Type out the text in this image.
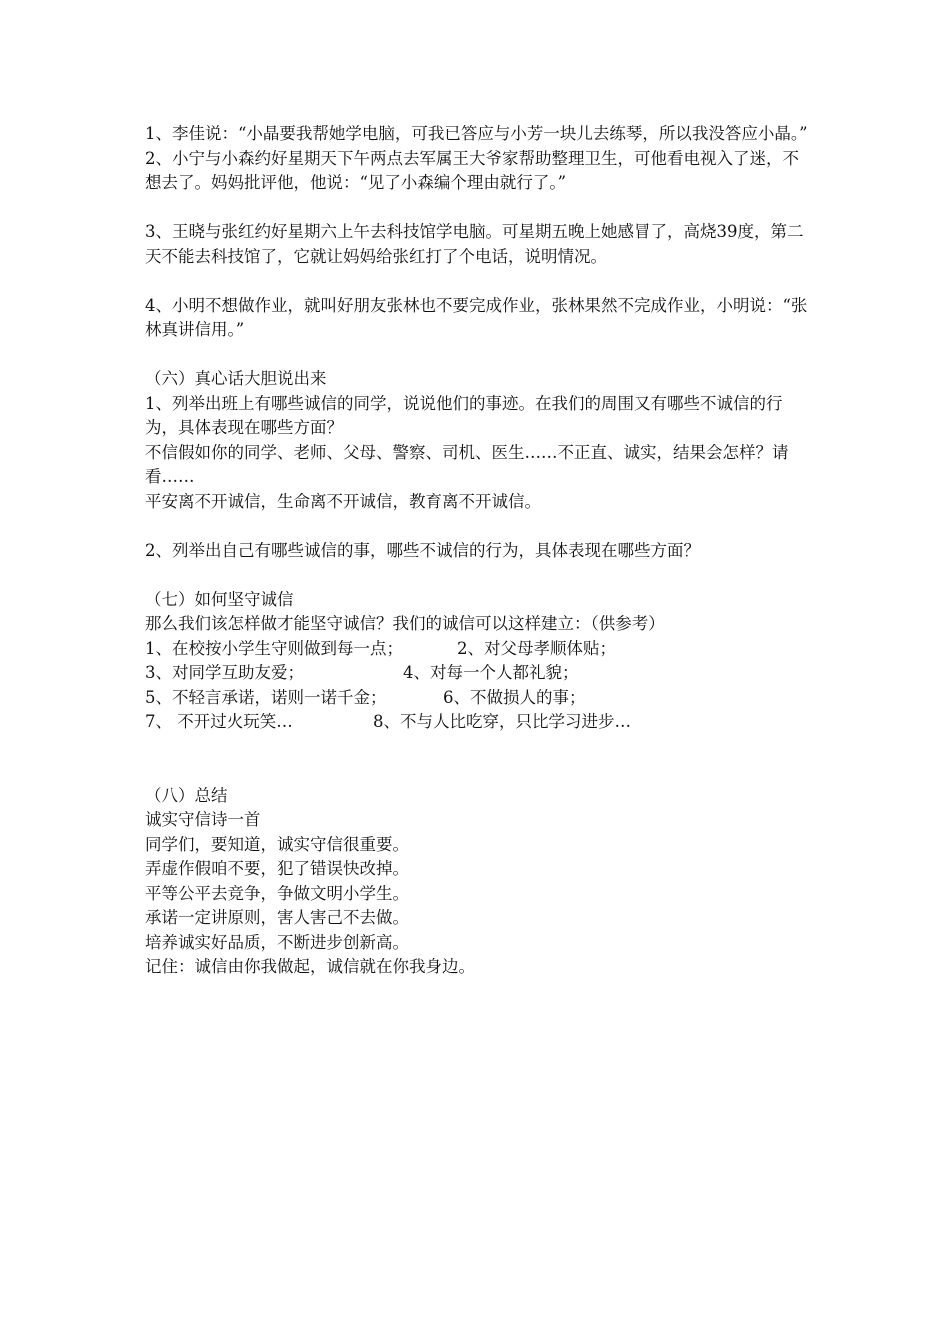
1、李佳说：“小晶要我帮她学电脑，可我已答应与小芳一块儿去练琴，所以我没答应小晶。”

2、小宁与小森约好星期天下午两点去军属王大爷家帮助整理卫生，可他看电视入了迷，不想去了。妈妈批评他，他说：“见了小森编个理由就行了。”

3、王晓与张红约好星期六上午去科技馆学电脑。可星期五晚上她感冒了，高烧39度，第二天不能去科技馆了，它就让妈妈给张红打了个电话，说明情况。

4、小明不想做作业，就叫好朋友张林也不要完成作业，张林果然不完成作业，小明说：“张林真讲信用。”

（六）真心话大胆说出来

1、列举出班上有哪些诚信的同学，说说他们的事迹。在我们的周围又有哪些不诚信的行为，具体表现在哪些方面？

不信假如你的同学、老师、父母、警察、司机、医生……不正直、诚实，结果会怎样？请看……

平安离不开诚信，生命离不开诚信，教育离不开诚信。

2、列举出自己有哪些诚信的事，哪些不诚信的行为，具体表现在哪些方面？

（七）如何坚守诚信

那么我们该怎样做才能坚守诚信？我们的诚信可以这样建立：（供参考）

1、在校按小学生守则做到每一点；	2、对父母孝顺体贴；
3、对同学互助友爱；	4、对每一个人都礼貌；
5、不轻言承诺，诺则一诺千金；	6、不做损人的事；
7、 不开过火玩笑…	8、不与人比吃穿，只比学习进步…

（八）总结

诚实守信诗一首

同学们，要知道，诚实守信很重要。

弄虚作假咱不要，犯了错误快改掉。

平等公平去竞争，争做文明小学生。

承诺一定讲原则，害人害己不去做。

培养诚实好品质，不断进步创新高。

记住：诚信由你我做起，诚信就在你我身边。
